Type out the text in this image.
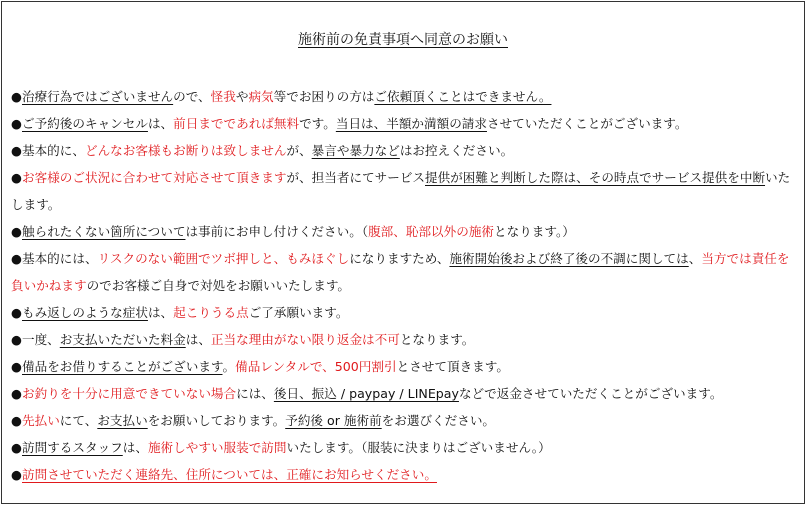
施術前の免責事項へ同意のお願い
●治療行為ではございませんので、怪我や病気等でお困りの方はご依頼頂くことはできません。
●ご予約後のキャンセルは、前日までであれば無料です。当日は、半額か満額の請求させていただくことがございます。
●基本的に、どんなお客様もお断りは致しませんが、暴言や暴力などはお控えください。
●お客様のご状況に合わせて対応させて頂きますが、担当者にてサービス提供が困難と判断した際は、その時点でサービス提供を中断いたします。
●触られたくない箇所については事前にお申し付けください。（腹部、恥部以外の施術となります。）
●基本的には、リスクのない範囲でツボ押しと、もみほぐしになりますため、施術開始後および終了後の不調に関しては、当方では責任を負いかねますのでお客様ご自身で対処をお願いいたします。
●もみ返しのような症状は、起こりうる点ご了承願います。
●一度、お支払いただいた料金は、正当な理由がない限り返金は不可となります。
●備品をお借りすることがございます。備品レンタルで、500円割引とさせて頂きます。
●お釣りを十分に用意できていない場合には、後日、振込 / paypay / LINEpayなどで返金させていただくことがございます。
●先払いにて、お支払いをお願いしております。予約後 or 施術前をお選びください。
●訪問するスタッフは、施術しやすい服装で訪問いたします。（服装に決まりはございません。）
●訪問させていただく連絡先、住所については、正確にお知らせください。
